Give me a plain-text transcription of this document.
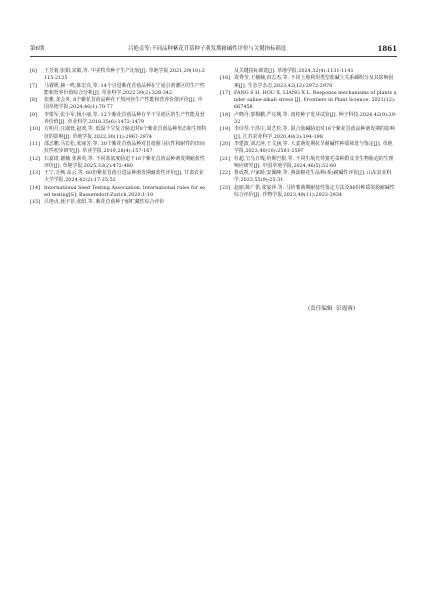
第6期	吕艳贞等:不同品种紫花苜蓿种子萌发期耐碱性评价与关键指标筛选	1861
[6] 王芳菊,张娟,宋敏,等. 中美牧草种子生产比较[J]. 草地学报,2021,29(10):2115-2125
[7] 马睿媛,赫一鸣,陈宏亮,等. 14个引进紫花苜蓿品种在宁夏引黄灌区的生产性能和营养价值综合分析[J]. 草业科学,2022,39(2):328-342
[8] 张雅,龙会英. 8个紫花苜蓿品种在干热河谷生产性能和营养价值评价[J]. 中国草地学报,2024,46(1):70-77
[9] 李蒙军,张小军,杨小丽,等. 12个紫花苜蓿品种在半干旱地区的生产性能及营养价值[J]. 草业科学,2018,35(6):1472-1479
[10] 方明月,汪淑蓉,赵欢,等. 低温干旱复合胁迫对8个紫花苜蓿品种形态和生理特征的影响[J]. 草地学报,2022,30(11):2967-2974
[11] 邵志鹏,马长松,张丽芳,等. 30个紫花苜蓿品种对苜蓿蓟马抗性和耐性的田间抗性初步研究[J]. 草业学报,2019,28(4):157-167
[12] 石嘉琦,谢楠,张素英,等. 不同盐浓度胁迫下16个紫花苜蓿品种萌发期耐盐性评价[J]. 草地学报,2025,33(2):472-480
[13] 王宁,万畅,高云,等. 60份紫花苜蓿引进品种萌发期耐盐性评价[J]. 甘肃农业大学学报,2024,42(2):17-25,52
[14] International Seed Testing Association. International rules for seed testing[S]. Bassersdorf:Zurich,2020:1-10
[15] 吕艳贞,聂宇菲,张昭,等. 紫花苜蓿种子耐贮藏性综合评价
及关键指标筛选[J]. 草地学报,2024,32(4):1131-1141
[16] 贾秀莹,王楠楠,田志杰,等. 不同土地利用类型盐碱土关系磷组分及其影响因素[J]. 生态学杂志,2023,42(12):2972-2978
[17] FANG S H, HOU X, LIANG X L. Response mechanisms of plants under saline-alkali stress [J]. Frontiers in Plant Science, 2021(12):667458
[18] 卢晓丹,蒙梅鹏,严亮城,等. 肉桂种子发芽试验[J]. 种子科技,2024,42(9):29-32
[19] 李诗琴,于洪庄,周艺杉,等. 混合盐碱胁迫对16个紫花苜蓿品种萌发期的影响[J]. 江苏农业科学,2020,48(3):194-198
[20] 李建波,刘志萍,王文涵,等. 大麦萌发期抗旱耐碱性种质筛选与鉴定[J]. 草地学报,2023,40(10):2581-2597
[21] 杜超,宝乌日嘎,哈斯巴根,等. 不同生境光萼猪毛菜种群及非生物胁迫的生理响应研究[J]. 中国草地学报,2024,46(5):52-60
[22] 鲁成凯,卢家龄,安佩峰,等. 燕油棉花生品种(系)耐碱性评价[J]. 山东农业科学,2023,55(9):25-31
[23] 赵丽,陈广供,张宴萍,等. 马铃薯萌期耐盐性鉴定方法及86份种质资源耐碱性综合评价[J]. 作物学报,2023,49(11):2923-2934
(责任编辑  彭霞睿)
